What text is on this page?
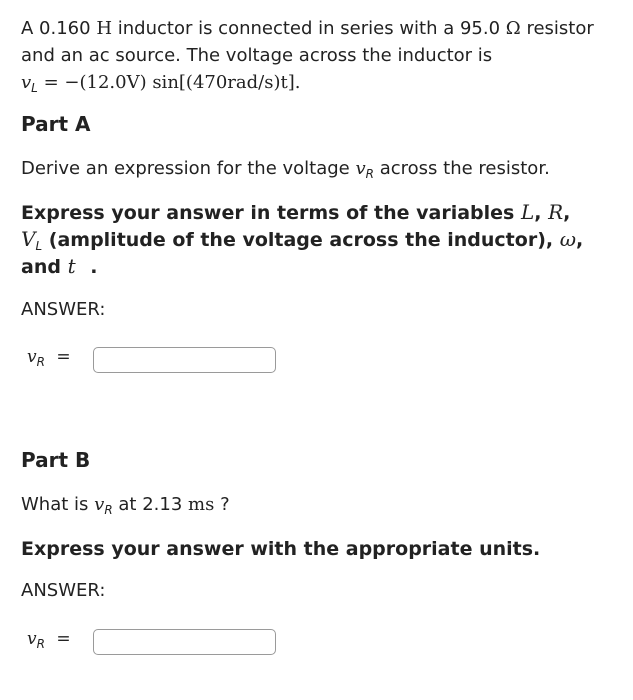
A 0.160 H inductor is connected in series with a 95.0 Ω resistor
and an ac source. The voltage across the inductor is
$v_L = -(12.0V)$ sin[(470rad/s)t].
Part A
Derive an expression for the voltage $v_R$ across the resistor.
Express your answer in terms of the variables L, R,
$V_L$ (amplitude of the voltage across the inductor), ω,
and t .
ANSWER:
$v_R$ =
Part B
What is $v_R$ at 2.13 ms ?
Express your answer with the appropriate units.
ANSWER:
$v_R$ =
